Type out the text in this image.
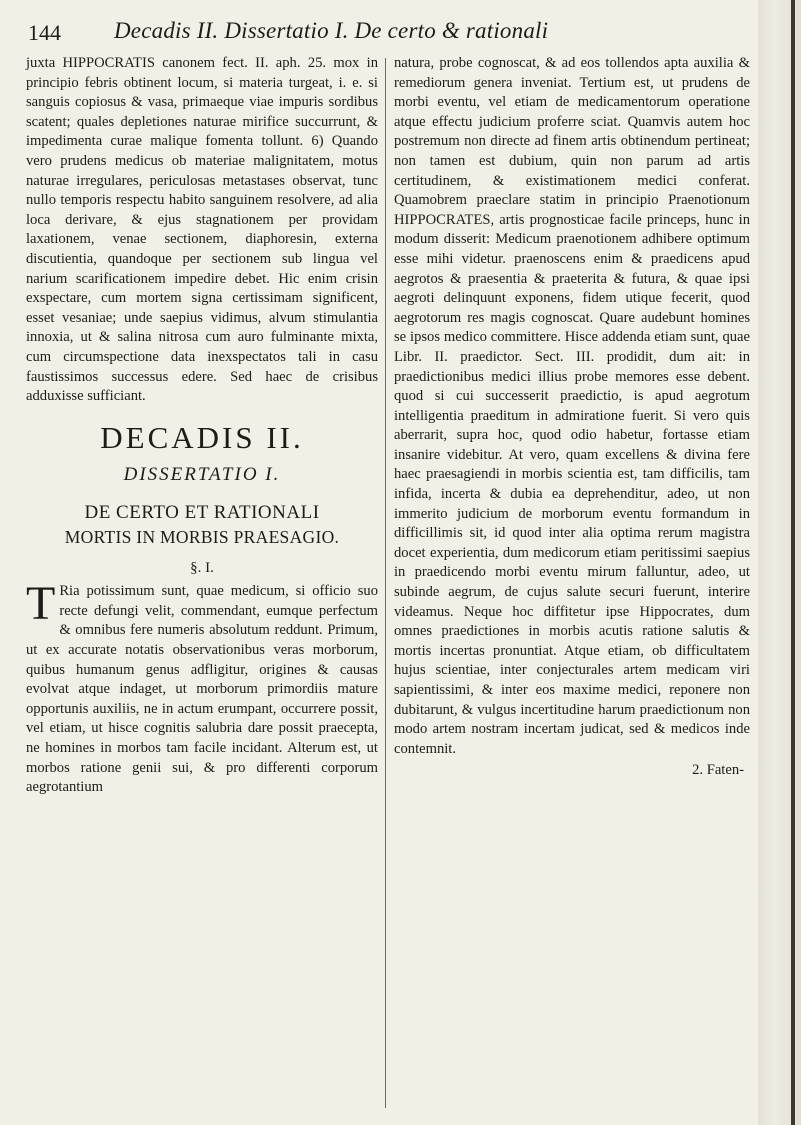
144 Decadis II. Dissertatio I. De certo & rationali

juxta HIPPOCRATIS canonem fect. II. aph. 25. mox in principio febris obtinent locum, si materia turgeat, i. e. si sanguis copiosus & vasa, primaeque viae impuris sordibus scatent; quales depletiones naturae mirifice succurrunt, & impedimenta curae malique fomenta tollunt. 6) Quando vero prudens medicus ob materiae malignitatem, motus naturae irregulares, periculosas metastases observat, tunc nullo temporis respectu habito sanguinem resolvere, ad alia loca derivare, & ejus stagnationem per providam laxationem, venae sectionem, diaphoresin, externa discutientia, quandoque per sectionem sub lingua vel narium scarificationem impedire debet. Hic enim crisin exspectare, cum mortem signa certissimam significent, esset vesaniae; unde saepius vidimus, alvum stimulantia innoxia, ut & salina nitrosa cum auro fulminante mixta, cum circumspectione data inexspectatos tali in casu faustissimos successus edere. Sed haec de crisibus adduxisse sufficiant.

DECADIS II.
DISSERTATIO I.
DE CERTO ET RATIONALI
MORTIS IN MORBIS PRAESAGIO.
§. I.

T Ria potissimum sunt, quae medicum, si officio suo recte defungi velit, commendant, eumque perfectum & omnibus fere numeris absolutum reddunt. Primum, ut ex accurate notatis observationibus veras morborum, quibus humanum genus adfligitur, origines & causas evolvat atque indaget, ut morborum primordiis mature opportunis auxiliis, ne in actum erumpant, occurrere possit, vel etiam, ut hisce cognitis salubria dare possit praecepta, ne homines in morbos tam facile incidant. Alterum est, ut morbos ratione genii sui, & pro differenti corporum aegrotantium

natura, probe cognoscat, & ad eos tollendos apta auxilia & remediorum genera inveniat. Tertium est, ut prudens de morbi eventu, vel etiam de medicamentorum operatione atque effectu judicium proferre sciat. Quamvis autem hoc postremum non directe ad finem artis obtinendum pertineat; non tamen est dubium, quin non parum ad artis certitudinem, & existimationem medici conferat. Quamobrem praeclare statim in principio Praenotionum HIPPOCRATES, artis prognosticae facile princeps, hunc in modum disserit: Medicum praenotionem adhibere optimum esse mihi videtur. praenoscens enim & praedicens apud aegrotos & praesentia & praeterita & futura, & quae ipsi aegroti delinquunt exponens, fidem utique fecerit, quod aegrotorum res magis cognoscat. Quare audebunt homines se ipsos medico committere. Hisce addenda etiam sunt, quae Libr. II. praedictor. Sect. III. prodidit, dum ait: in praedictionibus medici illius probe memores esse debent. quod si cui successerit praedictio, is apud aegrotum intelligentia praeditum in admiratione fuerit. Si vero quis aberrarit, supra hoc, quod odio habetur, fortasse etiam insanire videbitur. At vero, quam excellens & divina fere haec praesagiendi in morbis scientia est, tam difficilis, tam infida, incerta & dubia ea deprehenditur, adeo, ut non immerito judicium de morborum eventu formandum in difficillimis sit, id quod inter alia optima rerum magistra docet experientia, dum medicorum etiam peritissimi saepius in praedicendo morbi eventu mirum falluntur, adeo, ut subinde aegrum, de cujus salute securi fuerunt, interire videamus. Neque hoc diffitetur ipse Hippocrates, dum omnes praedictiones in morbis acutis ratione salutis & mortis incertas pronuntiat. Atque etiam, ob difficultatem hujus scientiae, inter conjecturales artem medicam viri sapientissimi, & inter eos maxime medici, reponere non dubitarunt, & vulgus incertitudine harum praedictionum non modo artem nostram incertam judicat, sed & medicos inde contemnit.

2. Faten-
